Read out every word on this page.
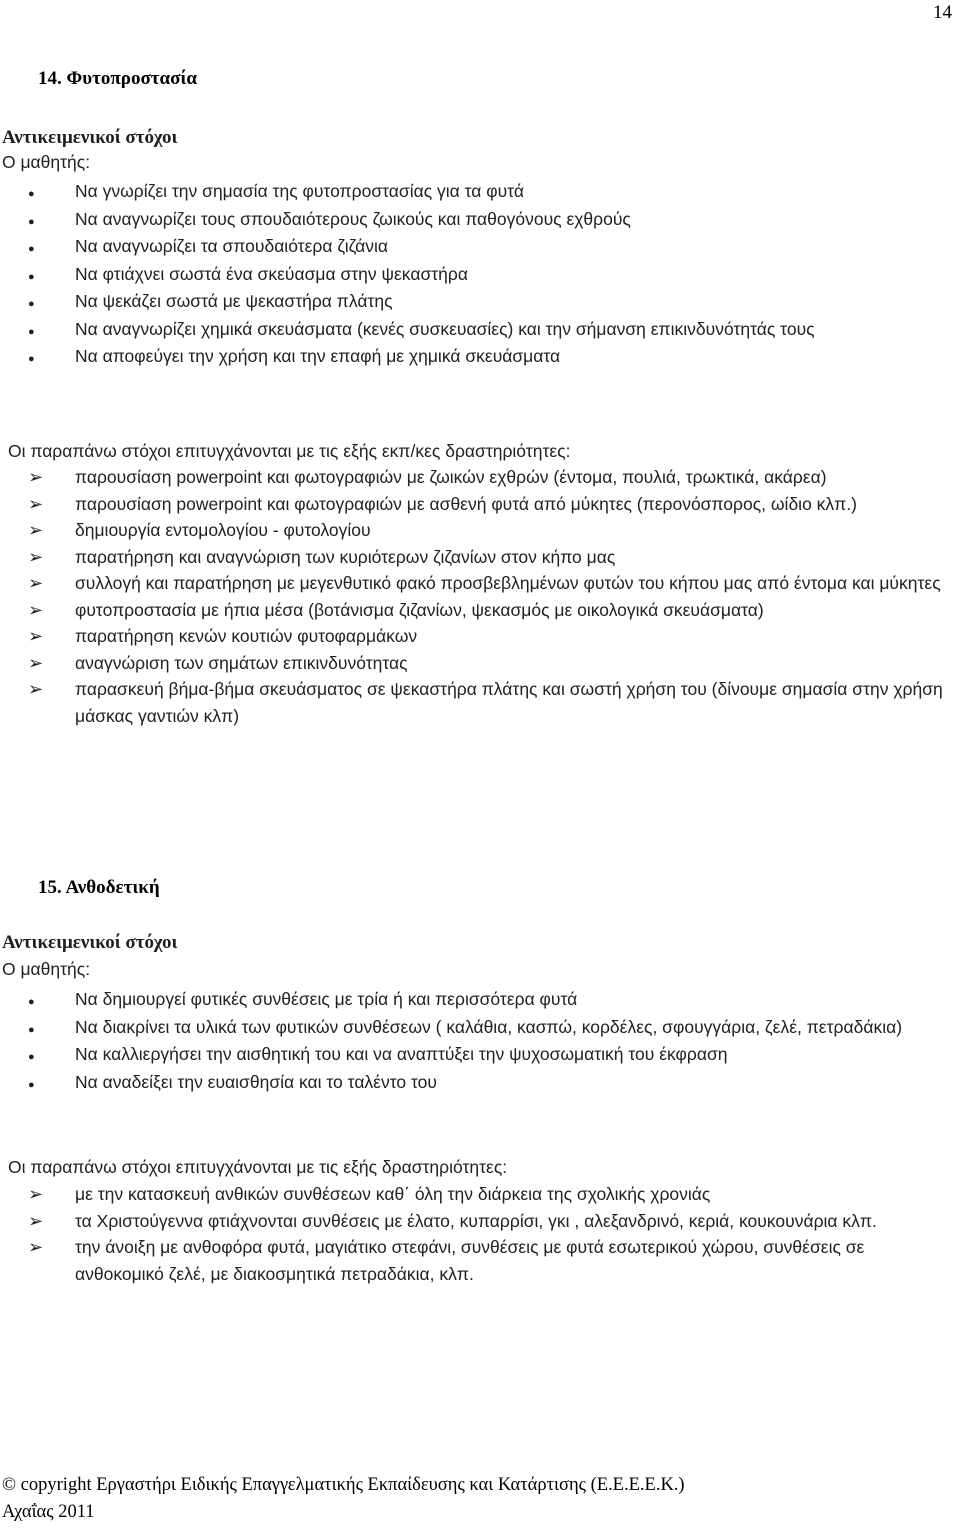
14
14. Φυτοπροστασία
Αντικειμενικοί στόχοι
Ο μαθητής:
●
Να γνωρίζει την σημασία της φυτοπροστασίας για τα φυτά
●
Να αναγνωρίζει τους σπουδαιότερους ζωικούς και παθογόνους εχθρούς
●
Να αναγνωρίζει τα σπουδαιότερα ζιζάνια
●
Να φτιάχνει σωστά ένα σκεύασμα στην ψεκαστήρα
●
Να ψεκάζει σωστά με ψεκαστήρα πλάτης
●
Να αναγνωρίζει χημικά σκευάσματα (κενές συσκευασίες) και την σήμανση επικινδυνότητάς τους
●
Να αποφεύγει την χρήση και την επαφή με χημικά σκευάσματα
Οι παραπάνω στόχοι επιτυγχάνονται με τις εξής εκπ/κες δραστηριότητες:
➢
παρουσίαση powerpoint και φωτογραφιών με ζωικών εχθρών (έντομα, πουλιά, τρωκτικά, ακάρεα)
➢
παρουσίαση powerpoint και φωτογραφιών με ασθενή φυτά από μύκητες (περονόσπορος, ωίδιο κλπ.)
➢
δημιουργία εντομολογίου - φυτολογίου
➢
παρατήρηση και αναγνώριση των κυριότερων ζιζανίων στον κήπο μας
➢
συλλογή και παρατήρηση με μεγενθυτικό φακό προσβεβλημένων φυτών του κήπου μας από έντομα και μύκητες
➢
φυτοπροστασία με ήπια μέσα (βοτάνισμα ζιζανίων, ψεκασμός με οικολογικά σκευάσματα)
➢
παρατήρηση κενών κουτιών φυτοφαρμάκων
➢
αναγνώριση των σημάτων επικινδυνότητας
➢
παρασκευή βήμα-βήμα σκευάσματος σε ψεκαστήρα πλάτης και σωστή χρήση του (δίνουμε σημασία στην χρήση μάσκας γαντιών κλπ)
15. Ανθοδετική
Αντικειμενικοί στόχοι
Ο μαθητής:
●
Να δημιουργεί φυτικές συνθέσεις με τρία ή και περισσότερα φυτά
●
Να διακρίνει τα υλικά των φυτικών συνθέσεων ( καλάθια, κασπώ, κορδέλες, σφουγγάρια, ζελέ, πετραδάκια)
●
Να καλλιεργήσει την αισθητική του και να αναπτύξει την ψυχοσωματική του έκφραση
●
Να αναδείξει την ευαισθησία και το ταλέντο του
Οι παραπάνω στόχοι επιτυγχάνονται με τις εξής δραστηριότητες:
➢
με την κατασκευή ανθικών συνθέσεων καθ΄ όλη την διάρκεια της σχολικής χρονιάς
➢
τα Χριστούγεννα φτιάχνονται συνθέσεις με έλατο, κυπαρρίσι, γκι , αλεξανδρινό, κεριά, κουκουνάρια κλπ.
➢
την άνοιξη με ανθοφόρα φυτά, μαγιάτικο στεφάνι, συνθέσεις με φυτά εσωτερικού χώρου, συνθέσεις σε ανθοκομικό ζελέ, με διακοσμητικά πετραδάκια, κλπ.
© copyright Εργαστήρι Ειδικής Επαγγελματικής Εκπαίδευσης και Κατάρτισης (Ε.Ε.Ε.Ε.Κ.)
Αχαΐας 2011
